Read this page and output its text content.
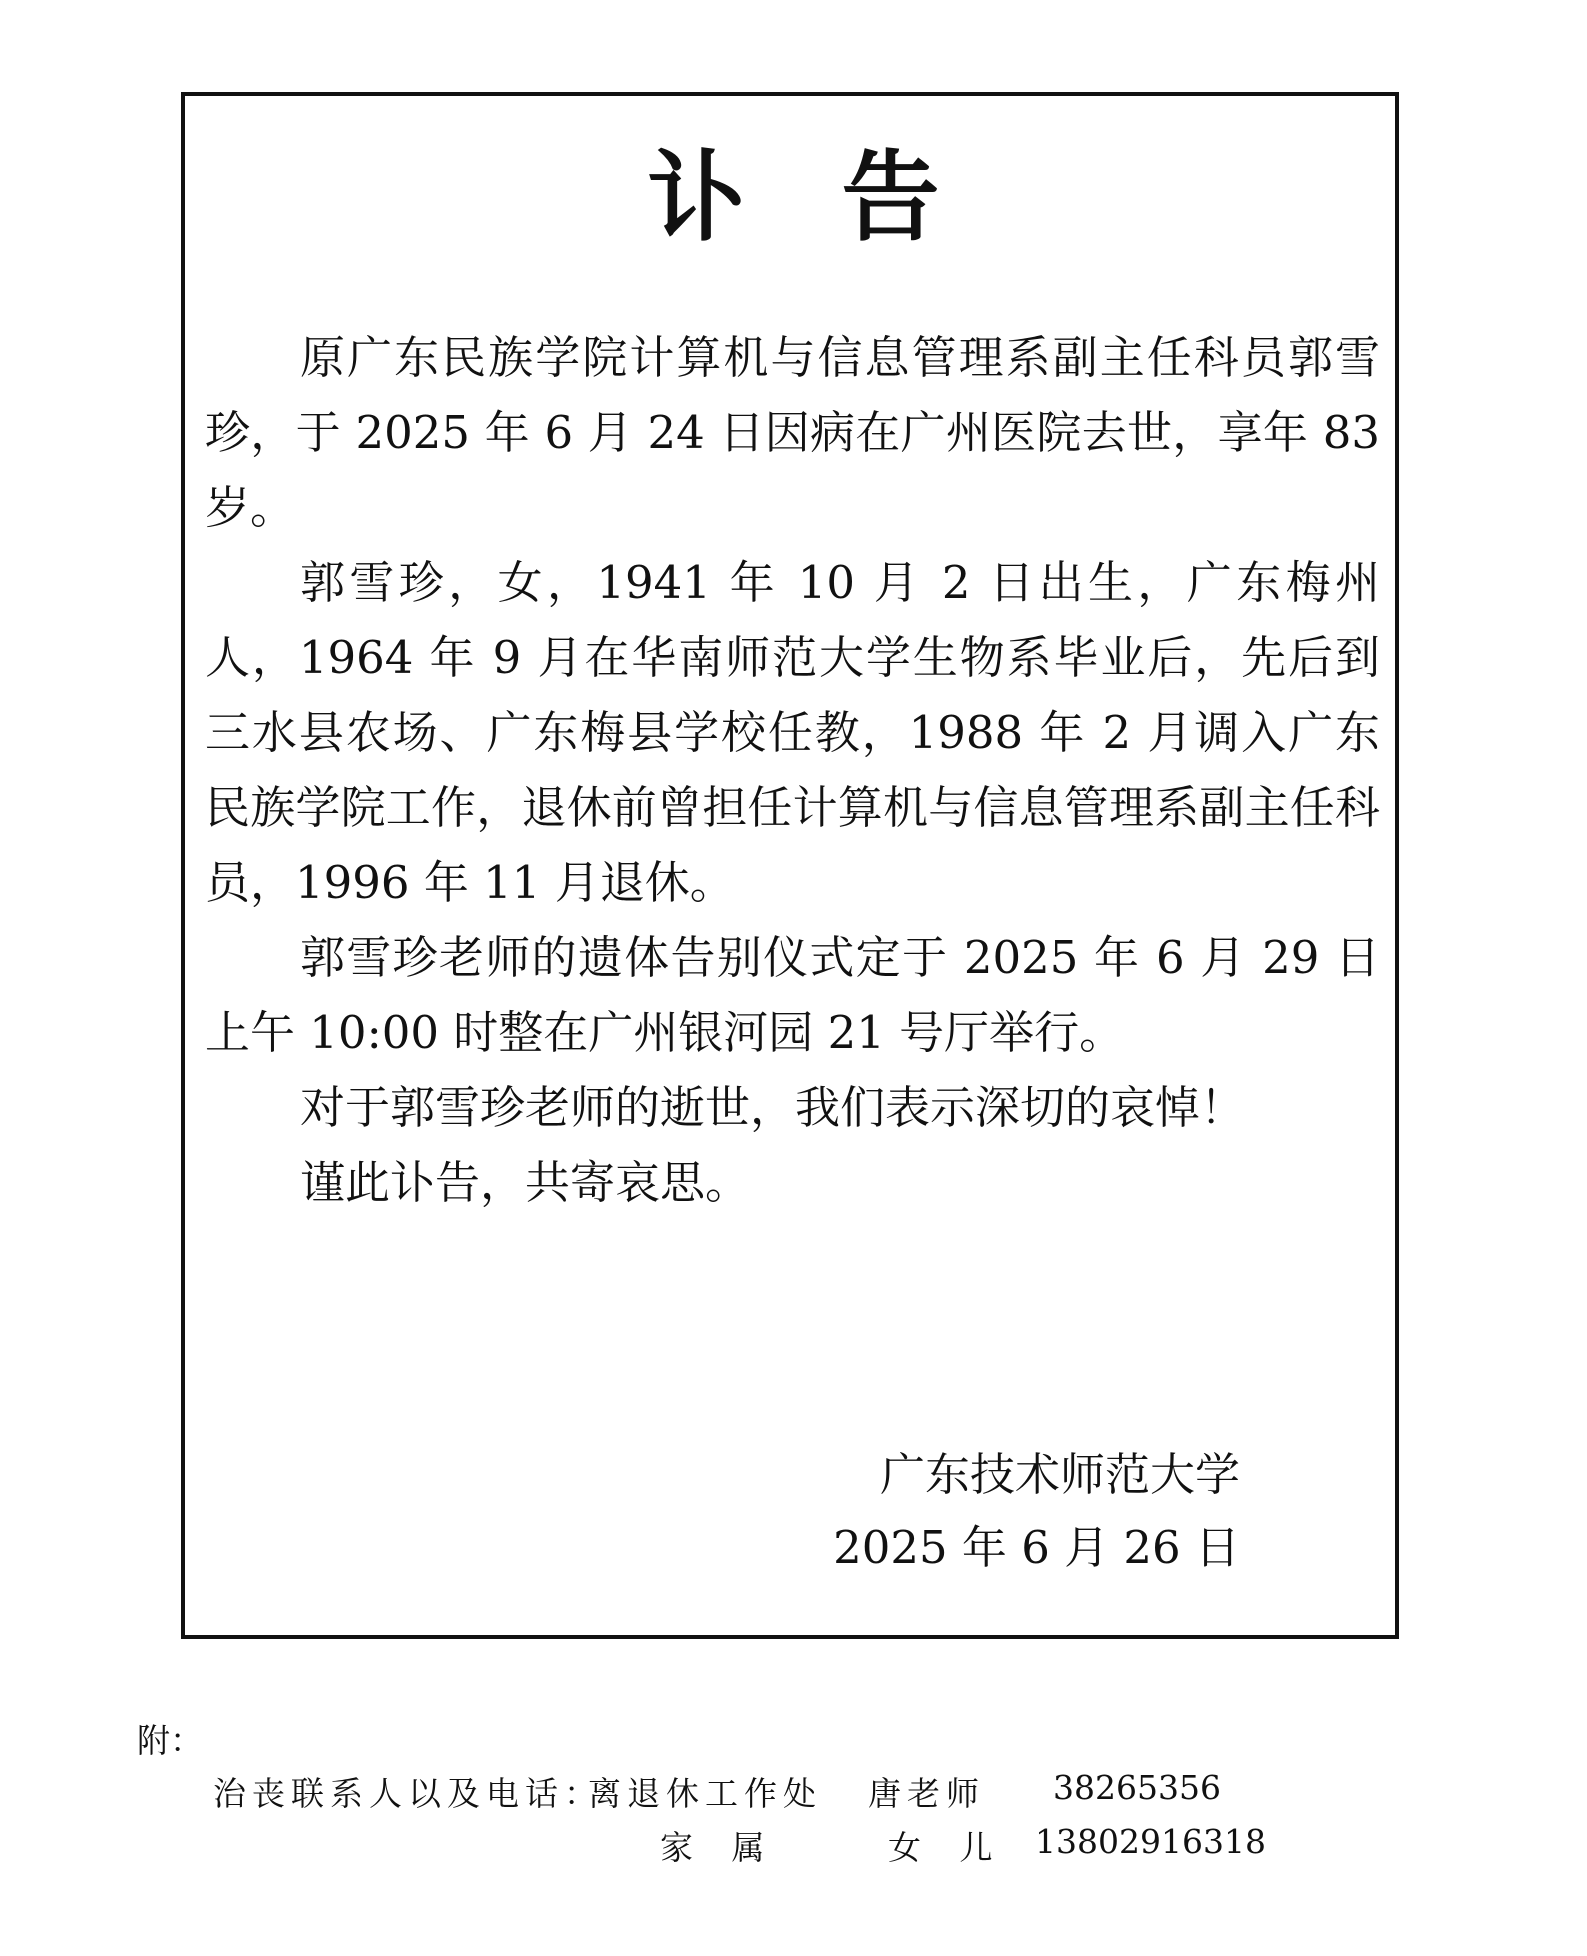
讣 告

原广东民族学院计算机与信息管理系副主任科员郭雪珍，于 2025 年 6 月 24 日因病在广州医院去世，享年 83 岁。

郭雪珍，女，1941 年 10 月 2 日出生，广东梅州人，1964 年 9 月在华南师范大学生物系毕业后，先后到三水县农场、广东梅县学校任教，1988 年 2 月调入广东民族学院工作，退休前曾担任计算机与信息管理系副主任科员，1996 年 11 月退休。

郭雪珍老师的遗体告别仪式定于 2025 年 6 月 29 日上午 10:00 时整在广州银河园 21 号厅举行。

对于郭雪珍老师的逝世，我们表示深切的哀悼！

谨此讣告，共寄哀思。

广东技术师范大学
2025 年 6 月 26 日
附：
治丧联系人以及电话：
离退休工作处 唐老师 38265356
家 属	女 儿 13802916318
